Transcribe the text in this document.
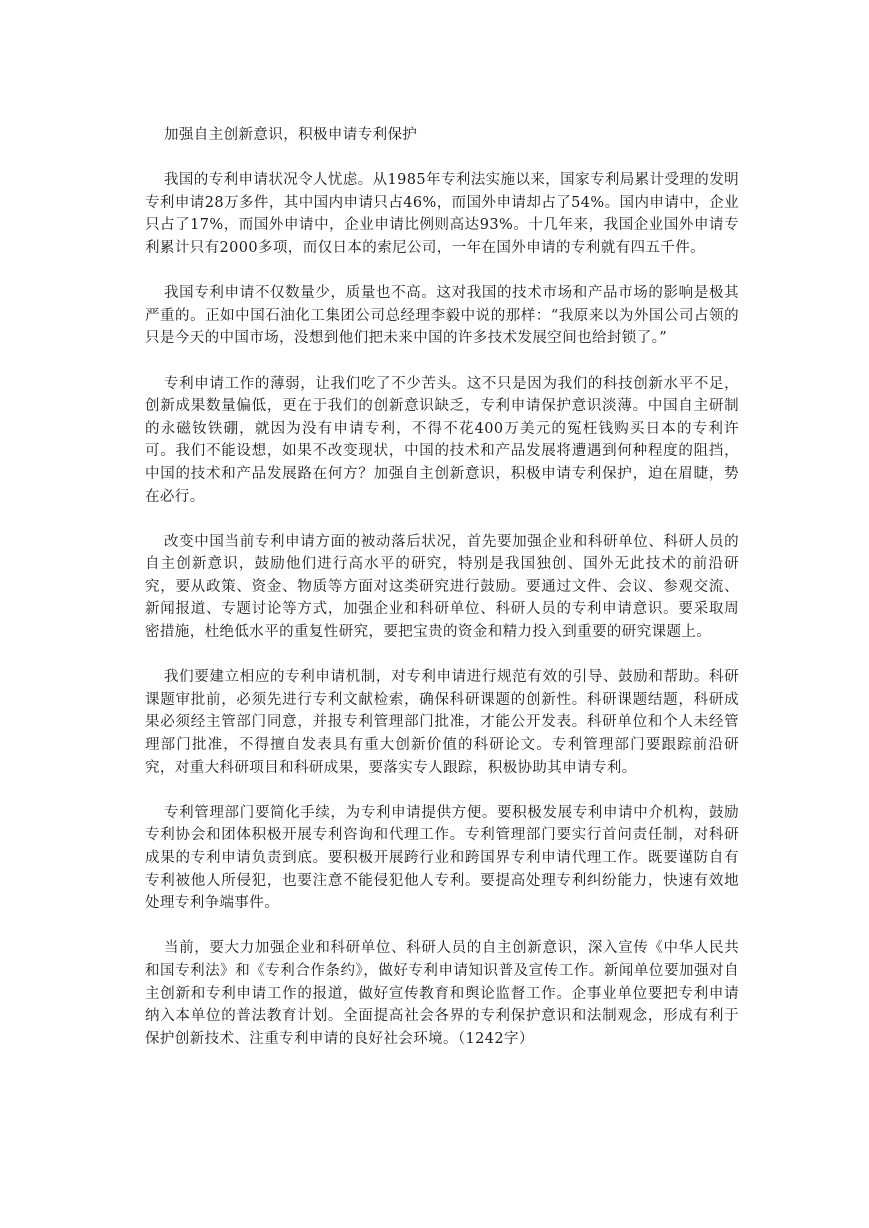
加强自主创新意识，积极申请专利保护

我国的专利申请状况令人忧虑。从1985年专利法实施以来，国家专利局累计受理的发明专利申请28万多件，其中国内申请只占46%，而国外申请却占了54%。国内申请中，企业只占了17%，而国外申请中，企业申请比例则高达93%。十几年来，我国企业国外申请专利累计只有2000多项，而仅日本的索尼公司，一年在国外申请的专利就有四五千件。

我国专利申请不仅数量少，质量也不高。这对我国的技术市场和产品市场的影响是极其严重的。正如中国石油化工集团公司总经理李毅中说的那样：“我原来以为外国公司占领的只是今天的中国市场，没想到他们把未来中国的许多技术发展空间也给封锁了。”

专利申请工作的薄弱，让我们吃了不少苦头。这不只是因为我们的科技创新水平不足，创新成果数量偏低，更在于我们的创新意识缺乏，专利申请保护意识淡薄。中国自主研制的永磁钕铁硼，就因为没有申请专利，不得不花400万美元的冤枉钱购买日本的专利许可。我们不能设想，如果不改变现状，中国的技术和产品发展将遭遇到何种程度的阻挡，中国的技术和产品发展路在何方？加强自主创新意识，积极申请专利保护，迫在眉睫，势在必行。

改变中国当前专利申请方面的被动落后状况，首先要加强企业和科研单位、科研人员的自主创新意识，鼓励他们进行高水平的研究，特别是我国独创、国外无此技术的前沿研究，要从政策、资金、物质等方面对这类研究进行鼓励。要通过文件、会议、参观交流、新闻报道、专题讨论等方式，加强企业和科研单位、科研人员的专利申请意识。要采取周密措施，杜绝低水平的重复性研究，要把宝贵的资金和精力投入到重要的研究课题上。

我们要建立相应的专利申请机制，对专利申请进行规范有效的引导、鼓励和帮助。科研课题审批前，必须先进行专利文献检索，确保科研课题的创新性。科研课题结题，科研成果必须经主管部门同意，并报专利管理部门批准，才能公开发表。科研单位和个人未经管理部门批准，不得擅自发表具有重大创新价值的科研论文。专利管理部门要跟踪前沿研究，对重大科研项目和科研成果，要落实专人跟踪，积极协助其申请专利。

专利管理部门要简化手续，为专利申请提供方便。要积极发展专利申请中介机构，鼓励专利协会和团体积极开展专利咨询和代理工作。专利管理部门要实行首问责任制，对科研成果的专利申请负责到底。要积极开展跨行业和跨国界专利申请代理工作。既要谨防自有专利被他人所侵犯，也要注意不能侵犯他人专利。要提高处理专利纠纷能力，快速有效地处理专利争端事件。

当前，要大力加强企业和科研单位、科研人员的自主创新意识，深入宣传《中华人民共和国专利法》和《专利合作条约》，做好专利申请知识普及宣传工作。新闻单位要加强对自主创新和专利申请工作的报道，做好宣传教育和舆论监督工作。企事业单位要把专利申请纳入本单位的普法教育计划。全面提高社会各界的专利保护意识和法制观念，形成有利于保护创新技术、注重专利申请的良好社会环境。（1242字）
